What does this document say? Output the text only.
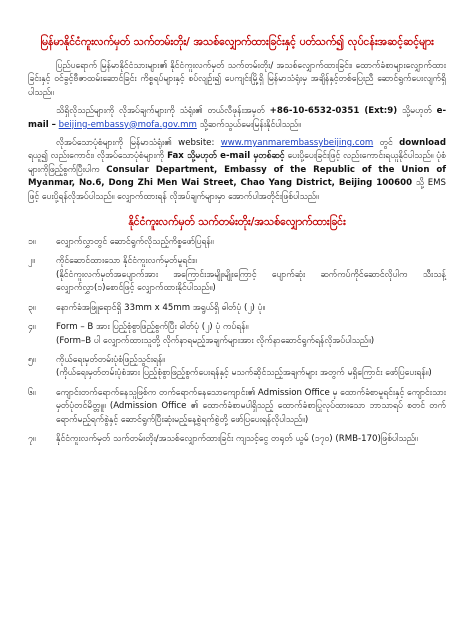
မြန်မာနိုင်ငံကူးလက်မှတ် သက်တမ်းတိုး/ အသစ်လျှောက်ထားခြင်းနှင့် ပတ်သက်၍ လုပ်ငန်းအဆင့်ဆင့်များ

ပြည်ပရောက် မြန်မာနိုင်ငံသားများ၏ နိုင်ငံကူးလက်မှတ် သက်တမ်းတိုး/ အသစ်လျှောက်ထားခြင်း၊ ထောက်ခံစာများလျှောက်ထားခြင်းနှင့် ဝင်ခွင့်ဗီဇာထမ်းဆောင်ခြင်း ကိစ္စရပ်များနှင့် စပ်လျဉ်း၍ ပေကျင်းမြို့ရှိ မြန်မာသံရုံးမှ အချိန်နှင့်တစ်ပြေးညီ ဆောင်ရွက်ပေးလျက်ရှိပါသည်။

သိရှိလိုသည်များကို လိုအပ်ချက်များကို သံရုံး၏ တယ်လီဖုန်းအမှတ် +86-10-6532-0351 (Ext:9) သို့မဟုတ် e-mail – beijing-embassy@mofa.gov.mm သို့ဆက်သွယ်မေးမြန်းနိုင်ပါသည်။

လိုအပ်သောပုံစံများကို မြန်မာသံရုံး၏ website: www.myanmarembassybeijing.com တွင် download ရယူ၍ လည်းကောင်း၊ လိုအပ်သောပုံစံများကို Fax သို့မဟုတ် e-mail မှတစ်ဆင့် ပေးပို့ပေးခြင်းဖြင့် လည်းကောင်းရယူနိုင်ပါသည်။ ပုံစံများကိုဖြည့်စွက်ပြီးပါက Consular Department, Embassy of the Republic of the Union of Myanmar, No.6, Dong Zhi Men Wai Street, Chao Yang District, Beijing 100600 သို့ EMS ဖြင့် ပေးပို့ရန်လိုအပ်ပါသည်။ လျှောက်ထားရန် လိုအပ်ချက်များမှာ အောက်ပါအတိုင်းဖြစ်ပါသည်။

နိုင်ငံကူးလက်မှတ် သက်တမ်းတိုး/အသစ်လျှောက်ထားခြင်း
၁။	လျှောက်လွှာတွင် ဆောင်ရွက်လိုသည့်ကိစ္စဖော်ပြရန်။
၂။	ကိုင်ဆောင်ထားသော နိုင်ငံကူးလက်မှတ်မူရင်း။
(နိုင်ငံကူးလက်မှတ်အပျောက်အား အကြောင်းအမျိုးမျိုးကြောင့် ပျောက်ဆုံး ဆက်ကပ်ကိုင်ဆောင်လိုပါက သီးသန့်လျှောက်လွှာ(၁)စောင်ဖြင့် လျှောက်ထားနိုင်ပါသည်။)
၃။	နောက်ခံအဖြူရောင်ရှိ 33mm x 45mm အရွယ်ရှိ ဓါတ်ပုံ (၂) ပုံ။
၄။	Form – B အား ပြည့်စုံစွာဖြည့်စွက်ပြီး ဓါတ်ပုံ (၂) ပုံ ကပ်ရန်။
(Form–B ပါ လျှောက်ထားသူတို့ လိုက်နာရမည့်အချက်များအား လိုက်နာဆောင်ရွက်ရန်လိုအပ်ပါသည်။)
၅။	ကိုယ်ရေးမှတ်တမ်းပုံစံဖြည့်သွင်းရန်။
(ကိုယ်ရေးမှတ်တမ်းပုံစံအား ပြည့်စုံစွာဖြည့်စွက်ပေးရန်နှင့် မသက်ဆိုင်သည့်အချက်များ အတွက် မရှိကြောင်း ဖော်ပြပေးရန်။)
၆။	ကျောင်းတက်ရောက်နေသူဖြစ်က တက်ရောက်နေသောကျောင်း၏ Admission Office မှ ထောက်ခံစာမူရင်းနှင့် ကျောင်းသားမှတ်ပုံတင်မိတ္တူ။ (Admission Office ၏ ထောက်ခံစာမပါရှိသည့် ထောက်ခံစာပြုလုပ်ထားသော ဘာသာရပ် စတင် တက်ရောက်မည့်ရက်စွဲနှင့် ဆောင်ရွက်ပြီးဆုံးမည့်နေ့စွဲရက်စွဲတို့ ဖော်ပြပေးရန်လိုပါသည်။)
၇။	နိုင်ငံကူးလက်မှတ် သက်တမ်းတိုး/အသစ်လျှောက်ထားခြင်း ကျသင့်ငွေ တရုတ် ယွမ် (၁၇၀) (RMB-170)ဖြစ်ပါသည်။
